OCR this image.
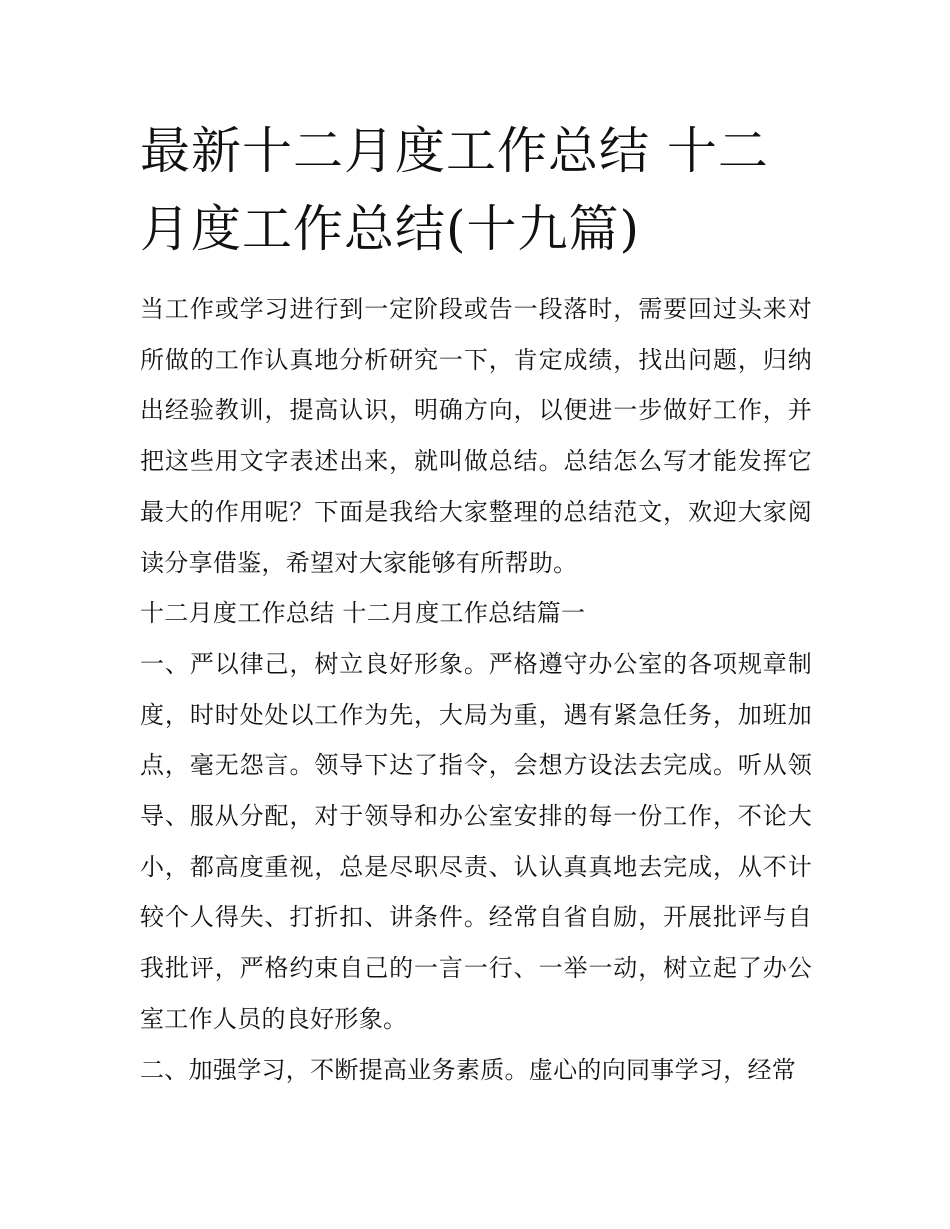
最新十二月度工作总结 十二月度工作总结(十九篇)

当工作或学习进行到一定阶段或告一段落时，需要回过头来对所做的工作认真地分析研究一下，肯定成绩，找出问题，归纳出经验教训，提高认识，明确方向，以便进一步做好工作，并把这些用文字表述出来，就叫做总结。总结怎么写才能发挥它最大的作用呢？下面是我给大家整理的总结范文，欢迎大家阅读分享借鉴，希望对大家能够有所帮助。

十二月度工作总结 十二月度工作总结篇一

一、严以律己，树立良好形象。严格遵守办公室的各项规章制度，时时处处以工作为先，大局为重，遇有紧急任务，加班加点，毫无怨言。领导下达了指令，会想方设法去完成。听从领导、服从分配，对于领导和办公室安排的每一份工作，不论大小，都高度重视，总是尽职尽责、认认真真地去完成，从不计较个人得失、打折扣、讲条件。经常自省自励，开展批评与自我批评，严格约束自己的一言一行、一举一动，树立起了办公室工作人员的良好形象。

二、加强学习，不断提高业务素质。虚心的向同事学习，经常
